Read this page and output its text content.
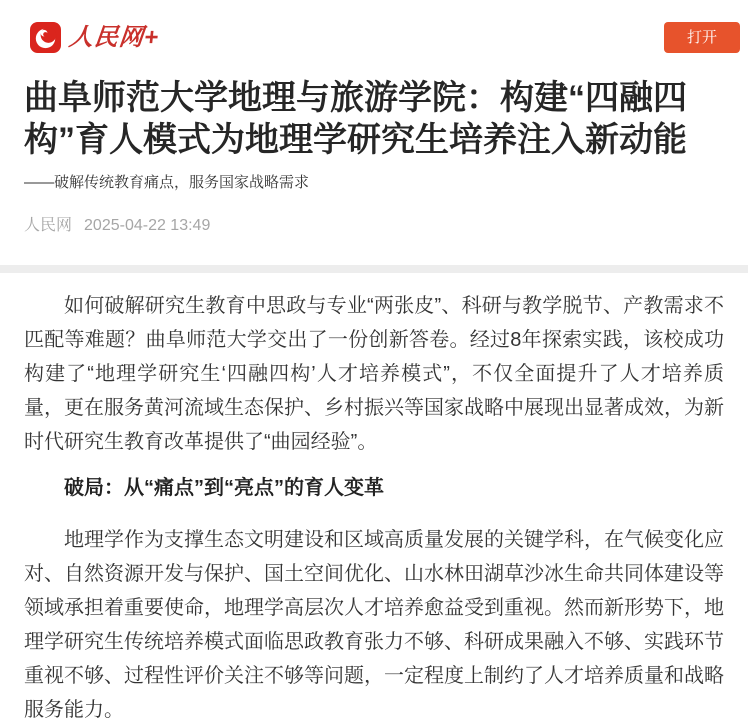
人民网+	打开
曲阜师范大学地理与旅游学院：构建“四融四构”育人模式为地理学研究生培养注入新动能

——破解传统教育痛点，服务国家战略需求

人民网 2025-04-22 13:49

如何破解研究生教育中思政与专业“两张皮”、科研与教学脱节、产教需求不匹配等难题？曲阜师范大学交出了一份创新答卷。经过8年探索实践，该校成功构建了“地理学研究生‘四融四构’人才培养模式”，不仅全面提升了人才培养质量，更在服务黄河流域生态保护、乡村振兴等国家战略中展现出显著成效，为新时代研究生教育改革提供了“曲园经验”。

破局：从“痛点”到“亮点”的育人变革

地理学作为支撑生态文明建设和区域高质量发展的关键学科，在气候变化应对、自然资源开发与保护、国土空间优化、山水林田湖草沙冰生命共同体建设等领域承担着重要使命，地理学高层次人才培养愈益受到重视。然而新形势下，地理学研究生传统培养模式面临思政教育张力不够、科研成果融入不够、实践环节重视不够、过程性评价关注不够等问题，一定程度上制约了人才培养质量和战略服务能力。
